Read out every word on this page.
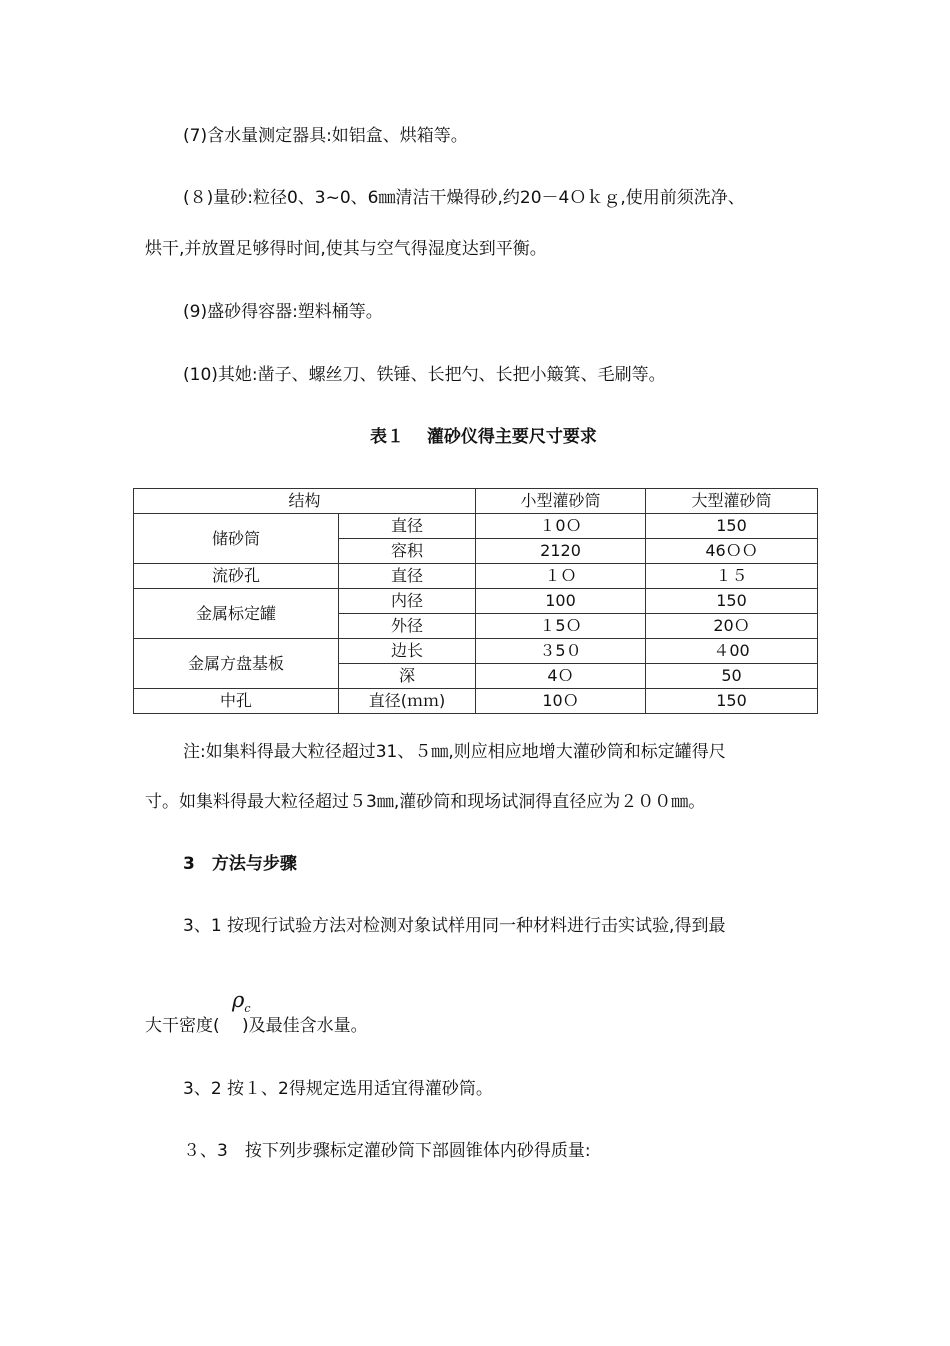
(7)含水量测定器具:如铝盒、烘箱等。
(８)量砂:粒径0、3~0、6㎜清洁干燥得砂,约20－4Ｏｋｇ,使用前须洗净、
烘干,并放置足够得时间,使其与空气得湿度达到平衡。
(9)盛砂得容器:塑料桶等。
(10)其她:凿子、螺丝刀、铁锤、长把勺、长把小簸箕、毛刷等。
表１　 灌砂仪得主要尺寸要求
结构		小型灌砂筒	大型灌砂筒
储砂筒	直径	１0Ｏ	150
	容积	2120	46ＯＯ
流砂孔	直径	１Ｏ	１５
金属标定罐	内径	100	150
	外径	１5Ｏ	20Ｏ
金属方盘基板	边长	３5０	４00
	深	4Ｏ	50
中孔	直径(ｍｍ)	10Ｏ	150
注:如集料得最大粒径超过31、５㎜,则应相应地增大灌砂筒和标定罐得尺
寸。如集料得最大粒径超过５3㎜,灌砂筒和现场试洞得直径应为２００㎜。
3　方法与步骤
3、1 按现行试验方法对检测对象试样用同一种材料进行击实试验,得到最
$\rho_c$
大干密度(　 )及最佳含水量。
3、2 按１、2得规定选用适宜得灌砂筒。
３、3　按下列步骤标定灌砂筒下部圆锥体内砂得质量:
